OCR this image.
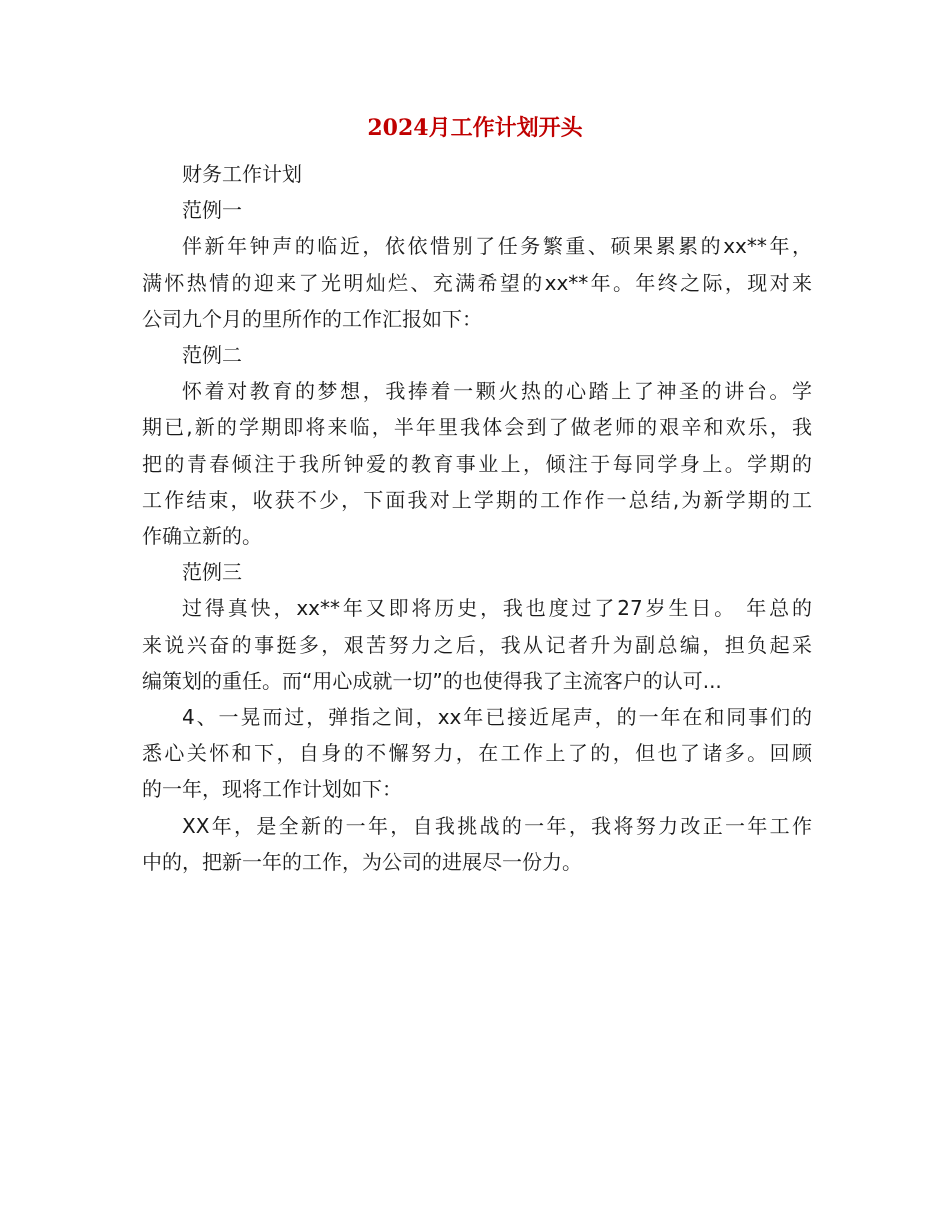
2024月工作计划开头
财务工作计划
范例一
伴新年钟声的临近，依依惜别了任务繁重、硕果累累的xx**年，
满怀热情的迎来了光明灿烂、充满希望的xx**年。年终之际，现对来
公司九个月的里所作的工作汇报如下：
范例二
怀着对教育的梦想，我捧着一颗火热的心踏上了神圣的讲台。学
期已,新的学期即将来临，半年里我体会到了做老师的艰辛和欢乐，我
把的青春倾注于我所钟爱的教育事业上，倾注于每同学身上。学期的
工作结束，收获不少，下面我对上学期的工作作一总结,为新学期的工
作确立新的。
范例三
过得真快，xx**年又即将历史，我也度过了27岁生日。 年总的
来说兴奋的事挺多，艰苦努力之后，我从记者升为副总编，担负起采
编策划的重任。而“用心成就一切”的也使得我了主流客户的认可...
4、一晃而过，弹指之间，xx年已接近尾声，的一年在和同事们的
悉心关怀和下，自身的不懈努力，在工作上了的，但也了诸多。回顾
的一年，现将工作计划如下：
XX年，是全新的一年，自我挑战的一年，我将努力改正一年工作
中的，把新一年的工作，为公司的进展尽一份力。
